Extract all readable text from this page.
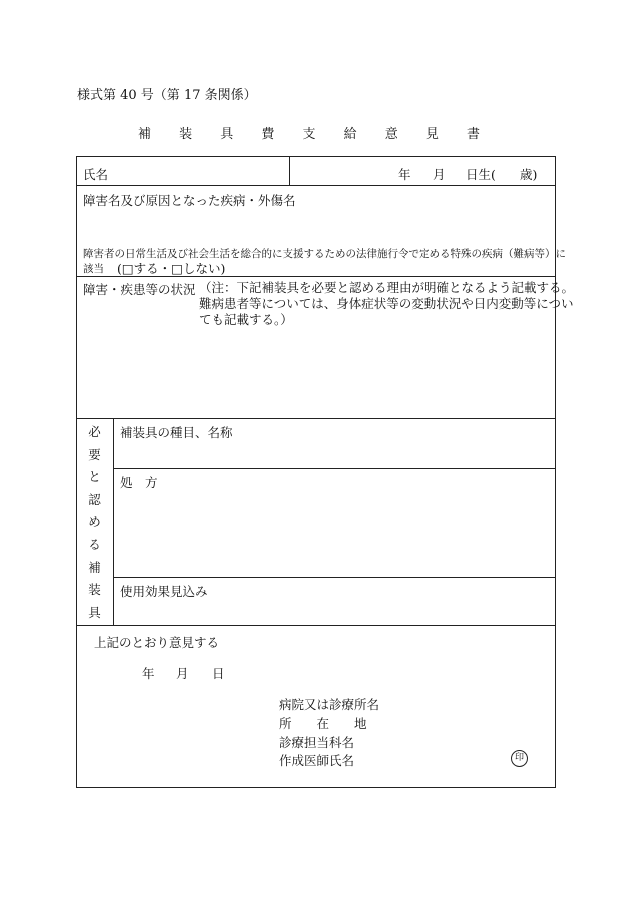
様式第 40 号（第 17 条関係）
補 装 具 費 支 給 意 見 書
氏名	年 月 日生( 歳)
障害名及び原因となった疾病・外傷名
障害者の日常生活及び社会生活を総合的に支援するための法律施行令で定める特殊の疾病（難病等）に
該当 (□する・□しない)
障害・疾患等の状況 （注：下記補装具を必要と認める理由が明確となるよう記載する。
難病患者等については、身体症状等の変動状況や日内変動等につい
ても記載する。）
必
要
と
認
め
る
補
装
具
補装具の種目、名称
処　方
使用効果見込み
上記のとおり意見する
年 月 日
病院又は診療所名
所　　在　　地
診療担当科名
作成医師氏名	印
